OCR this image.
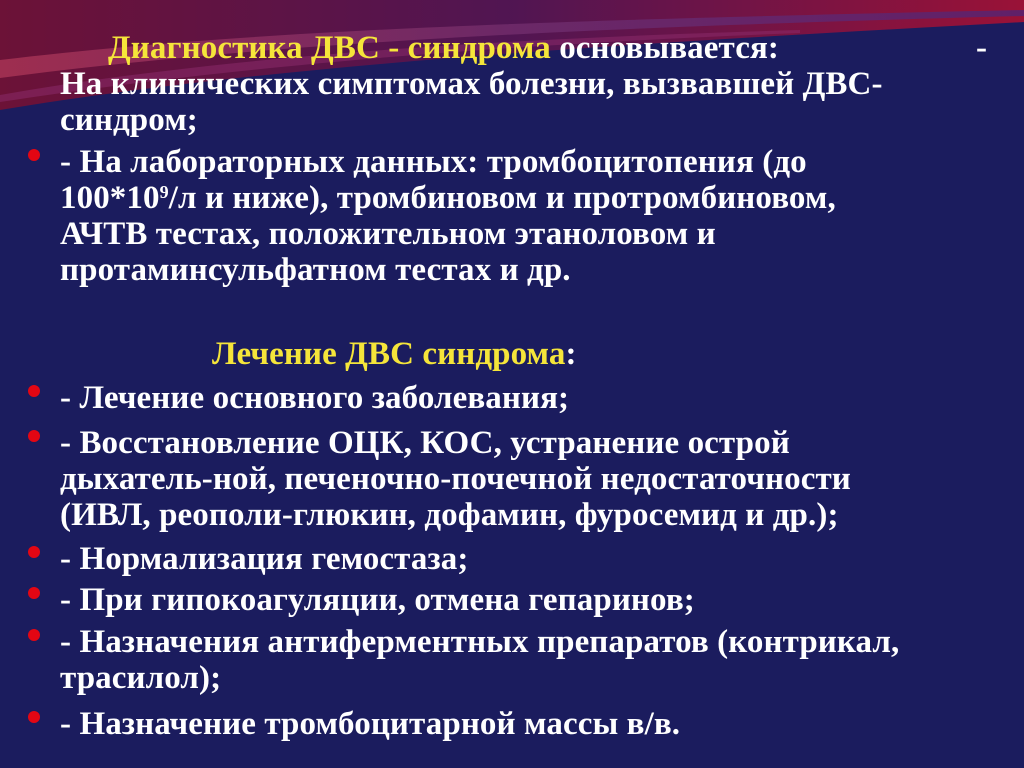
Диагностика ДВС - синдрома основывается:	-
На клинических симптомах болезни, вызвавшей ДВС-
синдром;
- На лабораторных данных: тромбоцитопения (до
$100*10^9/л$ и ниже), тромбиновом и протромбиновом,
АЧТВ тестах, положительном этаноловом и
протаминсульфатном тестах и др.
Лечение ДВС синдрома:
- Лечение основного заболевания;
- Восстановление ОЦК, КОС, устранение острой
дыхатель-ной, печеночно-почечной недостаточности
(ИВЛ, реополи-глюкин, дофамин, фуросемид и др.);
- Нормализация гемостаза;
- При гипокоагуляции, отмена гепаринов;
- Назначения антиферментных препаратов (контрикал,
трасилол);
- Назначение тромбоцитарной массы в/в.
